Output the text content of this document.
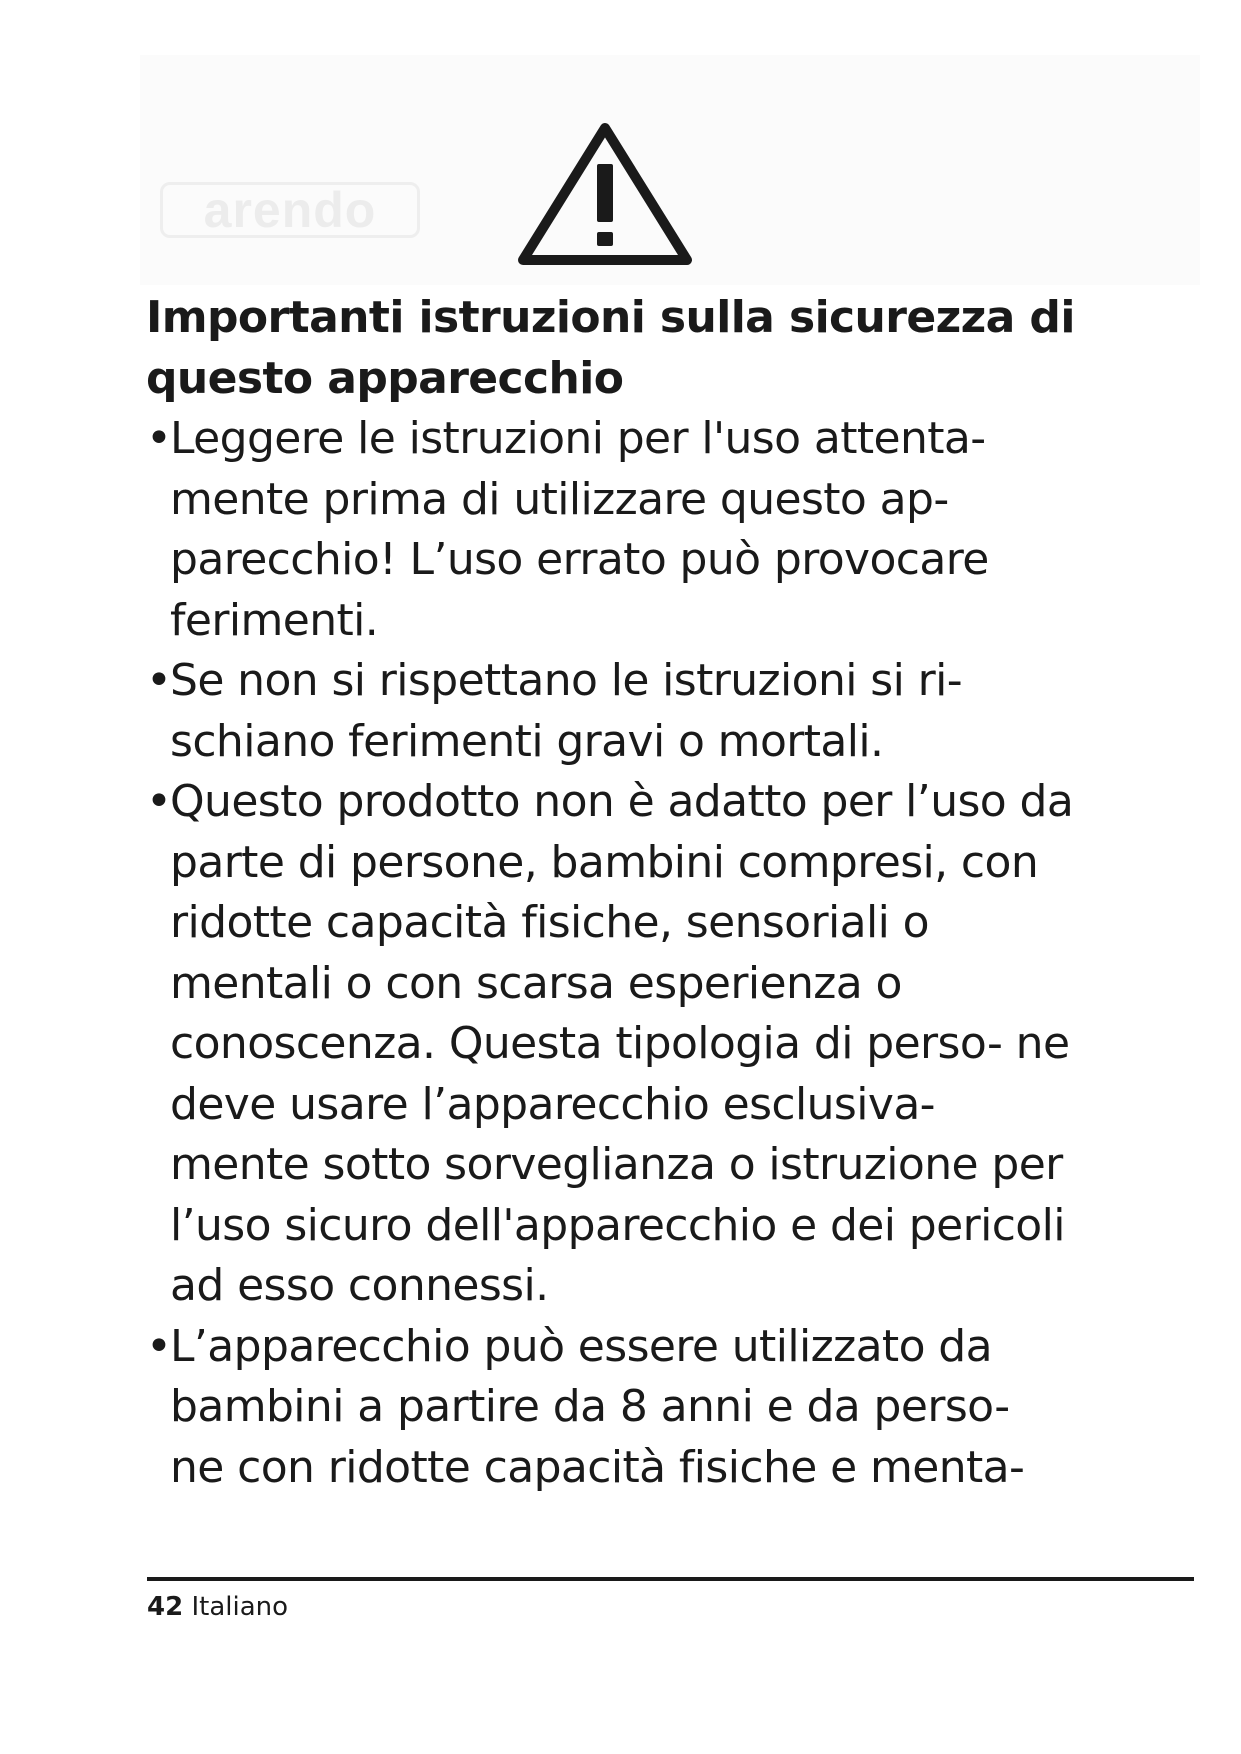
arendo
Importanti istruzioni sulla sicurezza di questo apparecchio
•
Leggere le istruzioni per l'uso attenta- mente prima di utilizzare questo ap- parecchio! L’uso errato può provocare ferimenti.
•
Se non si rispettano le istruzioni si ri- schiano ferimenti gravi o mortali.
•
Questo prodotto non è adatto per l’uso da parte di persone, bambini compresi, con ridotte capacità fisiche, sensoriali o mentali o con scarsa esperienza o conoscenza. Questa tipologia di perso- ne deve usare l’apparecchio esclusiva- mente sotto sorveglianza o istruzione per l’uso sicuro dell'apparecchio e dei pericoli ad esso connessi.
•
L’apparecchio può essere utilizzato da bambini a partire da 8 anni e da perso- ne con ridotte capacità fisiche e menta-
42 Italiano
